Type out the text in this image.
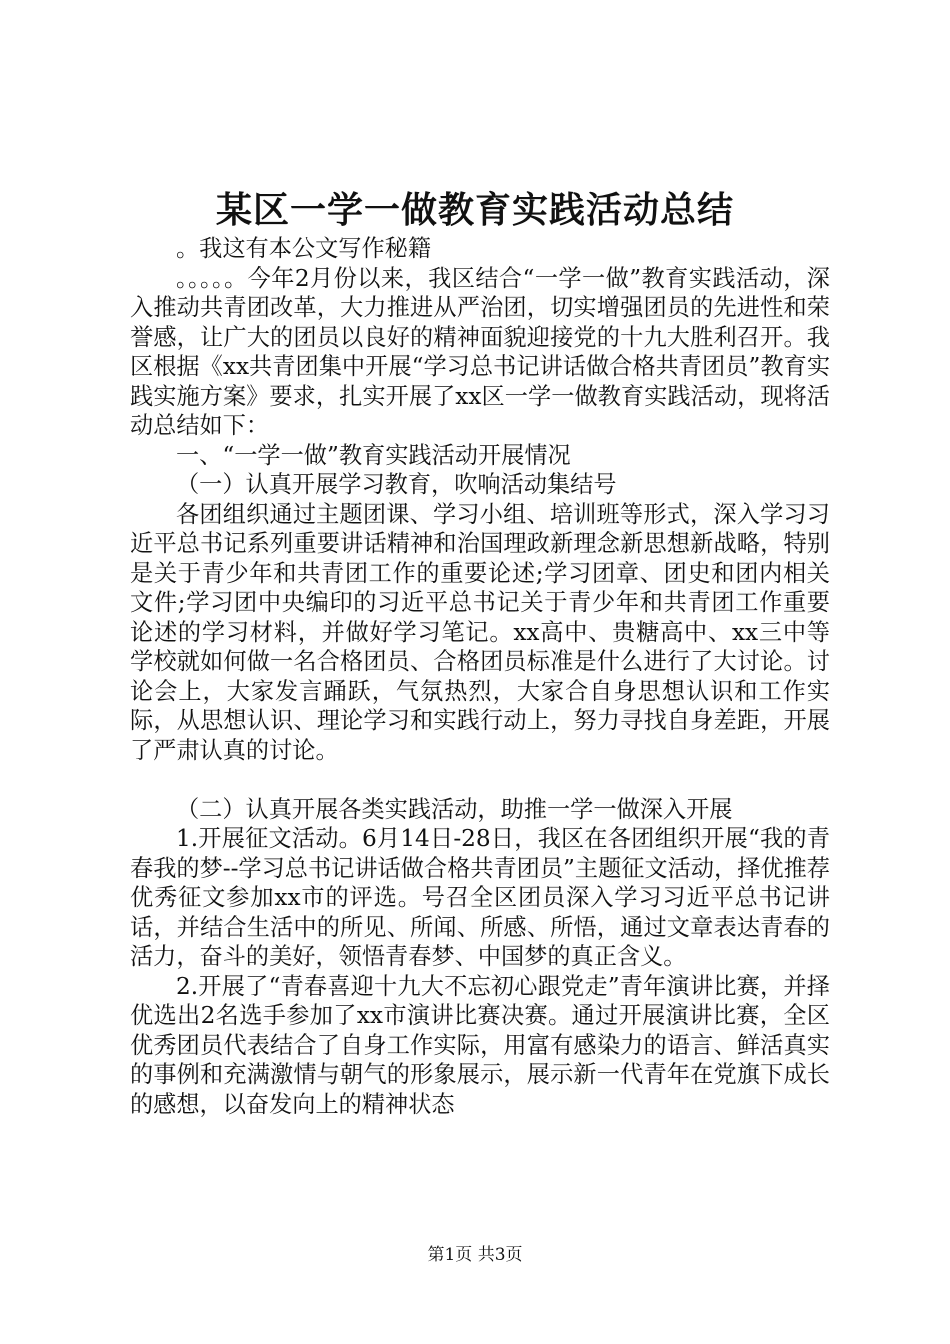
某区一学一做教育实践活动总结

。我这有本公文写作秘籍

。。。。。今年2月份以来，我区结合“一学一做”教育实践活动，深入推动共青团改革，大力推进从严治团，切实增强团员的先进性和荣誉感，让广大的团员以良好的精神面貌迎接党的十九大胜利召开。我区根据《xx共青团集中开展“学习总书记讲话做合格共青团员”教育实践实施方案》要求，扎实开展了xx区一学一做教育实践活动，现将活动总结如下：

一、“一学一做”教育实践活动开展情况

（一）认真开展学习教育，吹响活动集结号

各团组织通过主题团课、学习小组、培训班等形式，深入学习习近平总书记系列重要讲话精神和治国理政新理念新思想新战略，特别是关于青少年和共青团工作的重要论述;学习团章、团史和团内相关文件;学习团中央编印的习近平总书记关于青少年和共青团工作重要论述的学习材料，并做好学习笔记。xx高中、贵糖高中、xx三中等学校就如何做一名合格团员、合格团员标准是什么进行了大讨论。讨论会上，大家发言踊跃，气氛热烈，大家合自身思想认识和工作实际，从思想认识、理论学习和实践行动上，努力寻找自身差距，开展了严肃认真的讨论。

（二）认真开展各类实践活动，助推一学一做深入开展

1.开展征文活动。6月14日-28日，我区在各团组织开展“我的青春我的梦--学习总书记讲话做合格共青团员”主题征文活动，择优推荐优秀征文参加xx市的评选。号召全区团员深入学习习近平总书记讲话，并结合生活中的所见、所闻、所感、所悟，通过文章表达青春的活力，奋斗的美好，领悟青春梦、中国梦的真正含义。

2.开展了“青春喜迎十九大不忘初心跟党走”青年演讲比赛，并择优选出2名选手参加了xx市演讲比赛决赛。通过开展演讲比赛，全区优秀团员代表结合了自身工作实际，用富有感染力的语言、鲜活真实的事例和充满激情与朝气的形象展示，展示新一代青年在党旗下成长的感想，以奋发向上的精神状态

第1页 共3页
